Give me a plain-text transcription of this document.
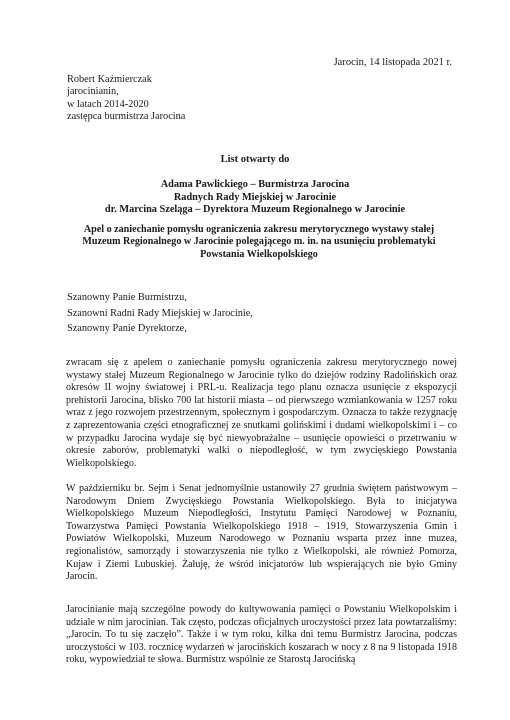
Jarocin, 14 listopada 2021 r.
Robert Kaźmierczak
jarocinianin,
w latach 2014-2020
zastępca burmistrza Jarocina
List otwarty do
Adama Pawlickiego – Burmistrza Jarocina
Radnych Rady Miejskiej w Jarocinie
dr. Marcina Szeląga – Dyrektora Muzeum Regionalnego w Jarocinie
Apel o zaniechanie pomysłu ograniczenia zakresu merytorycznego wystawy stałej Muzeum Regionalnego w Jarocinie polegającego m. in. na usunięciu problematyki Powstania Wielkopolskiego
Szanowny Panie Burmistrzu,
Szanowni Radni Rady Miejskiej w Jarocinie,
Szanowny Panie Dyrektorze,
zwracam się z apelem o zaniechanie pomysłu ograniczenia zakresu merytorycznego nowej wystawy stałej Muzeum Regionalnego w Jarocinie tylko do dziejów rodziny Radolińskich oraz okresów II wojny światowej i PRL-u. Realizacja tego planu oznacza usunięcie z ekspozycji prehistorii Jarocina, blisko 700 lat historii miasta – od pierwszego wzmiankowania w 1257 roku wraz z jego rozwojem przestrzennym, społecznym i gospodarczym. Oznacza to także rezygnację z zaprezentowania części etnograficznej ze snutkami golińskimi i dudami wielkopolskimi i – co w przypadku Jarocina wydaje się być niewyobrażalne – usunięcie opowieści o przetrwaniu w okresie zaborów, problematyki walki o niepodległość, w tym zwycięskiego Powstania Wielkopolskiego.
W październiku br. Sejm i Senat jednomyślnie ustanowiły 27 grudnia świętem państwowym – Narodowym Dniem Zwycięskiego Powstania Wielkopolskiego. Była to inicjatywa Wielkopolskiego Muzeum Niepodległości, Instytutu Pamięci Narodowej w Poznaniu, Towarzystwa Pamięci Powstania Wielkopolskiego 1918 – 1919, Stowarzyszenia Gmin i Powiatów Wielkopolski, Muzeum Narodowego w Poznaniu wsparta przez inne muzea, regionalistów, samorządy i stowarzyszenia nie tylko z Wielkopolski, ale również Pomorza, Kujaw i Ziemi Lubuskiej. Żałuję, że wśród inicjatorów lub wspierających nie było Gminy Jarocin.
Jarocinianie mają szczególne powody do kultywowania pamięci o Powstaniu Wielkopolskim i udziale w nim jarocinian. Tak często, podczas oficjalnych uroczystości przez lata powtarzaliśmy: „Jarocin. To tu się zaczęło”. Także i w tym roku, kilka dni temu Burmistrz Jarocina, podczas uroczystości w 103. rocznicę wydarzeń w jarocińskich koszarach w nocy z 8 na 9 listopada 1918 roku, wypowiedział te słowa. Burmistrz wspólnie ze Starostą Jarocińską
